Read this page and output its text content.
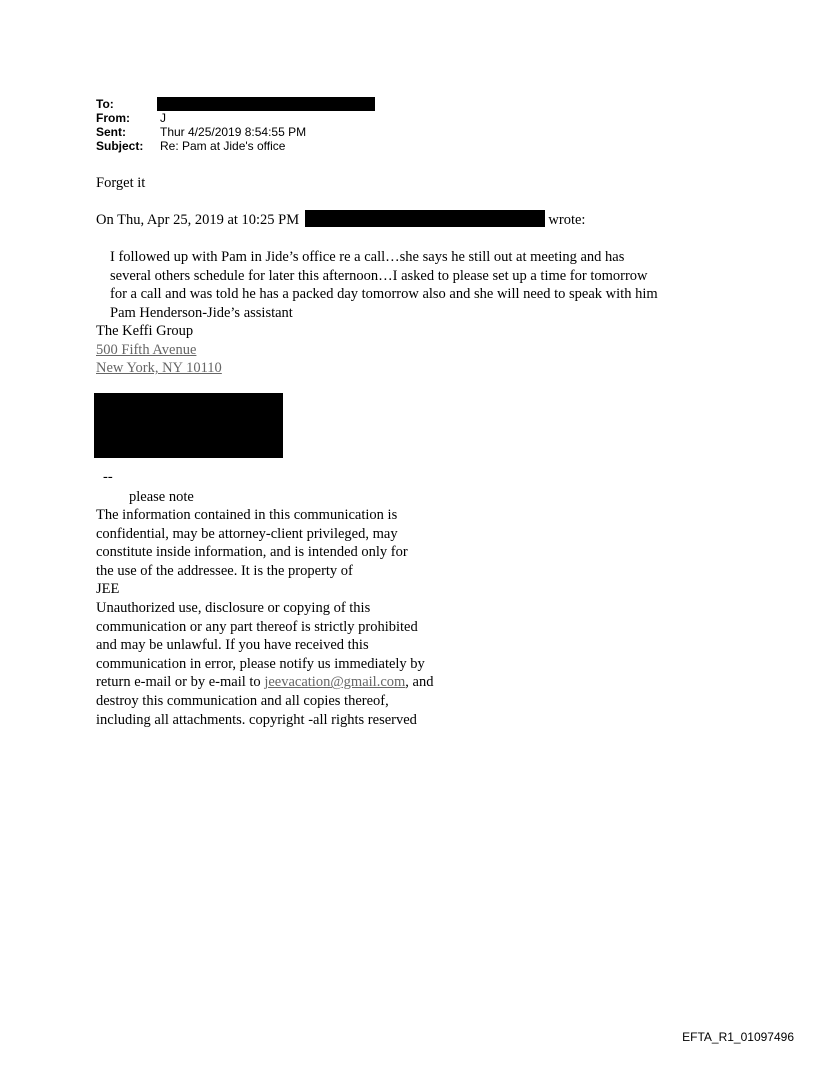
To:
From:	J
Sent:	Thur 4/25/2019 8:54:55 PM
Subject:	Re: Pam at Jide's office
Forget it
On Thu, Apr 25, 2019 at 10:25 PM	wrote:
I followed up with Pam in Jide’s office re a call…she says he still out at meeting and has
several others schedule for later this afternoon…I asked to please set up a time for tomorrow
for a call and was told he has a packed day tomorrow also and she will need to speak with him
Pam Henderson-Jide’s assistant
The Keffi Group
500 Fifth Avenue
New York, NY 10110
--
please note
The information contained in this communication is
confidential, may be attorney-client privileged, may
constitute inside information, and is intended only for
the use of the addressee. It is the property of
JEE
Unauthorized use, disclosure or copying of this
communication or any part thereof is strictly prohibited
and may be unlawful. If you have received this
communication in error, please notify us immediately by
return e-mail or by e-mail to jeevacation@gmail.com, and
destroy this communication and all copies thereof,
including all attachments. copyright -all rights reserved
EFTA_R1_01097496
